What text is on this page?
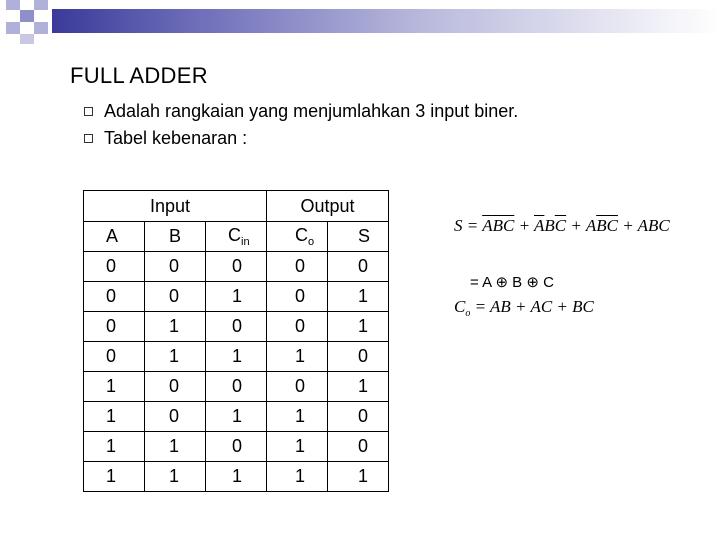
FULL ADDER
Adalah rangkaian yang menjumlahkan 3 input biner.
Tabel kebenaran :
Input			Output	
A	B	$C_{in}$	$C_o$	S
0	0	0	0	0
0	0	1	0	1
0	1	0	0	1
0	1	1	1	0
1	0	0	0	1
1	0	1	1	0
1	1	0	1	0
1	1	1	1	1
$S = \overline{A}\overline{B}\overline{C} + \overline{A}B\overline{C} + A\overline{B}\overline{C}$ + ABC
= A ⊕ B ⊕ C
$C_o$ = AB + AC + BC
